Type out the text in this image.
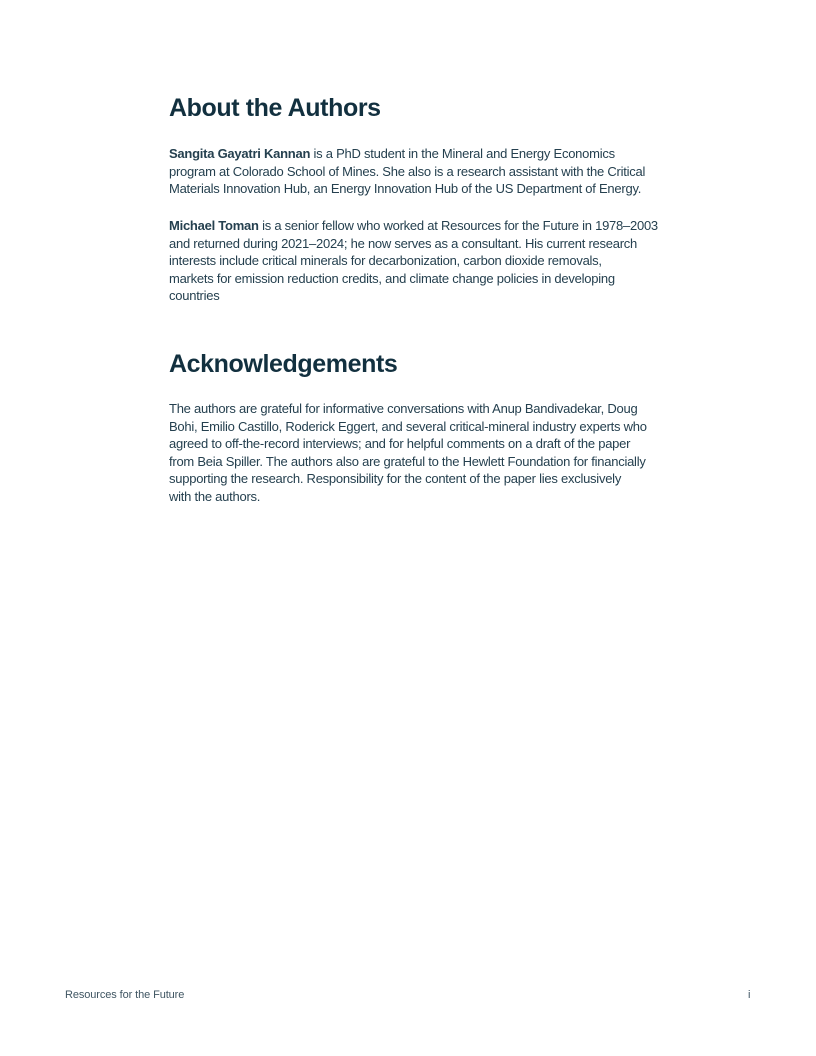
About the Authors

Sangita Gayatri Kannan is a PhD student in the Mineral and Energy Economics
program at Colorado School of Mines. She also is a research assistant with the Critical
Materials Innovation Hub, an Energy Innovation Hub of the US Department of Energy.

Michael Toman is a senior fellow who worked at Resources for the Future in 1978–2003
and returned during 2021–2024; he now serves as a consultant. His current research
interests include critical minerals for decarbonization, carbon dioxide removals,
markets for emission reduction credits, and climate change policies in developing
countries

Acknowledgements

The authors are grateful for informative conversations with Anup Bandivadekar, Doug
Bohi, Emilio Castillo, Roderick Eggert, and several critical-mineral industry experts who
agreed to off-the-record interviews; and for helpful comments on a draft of the paper
from Beia Spiller. The authors also are grateful to the Hewlett Foundation for financially
supporting the research. Responsibility for the content of the paper lies exclusively
with the authors.

Resources for the Future	i
